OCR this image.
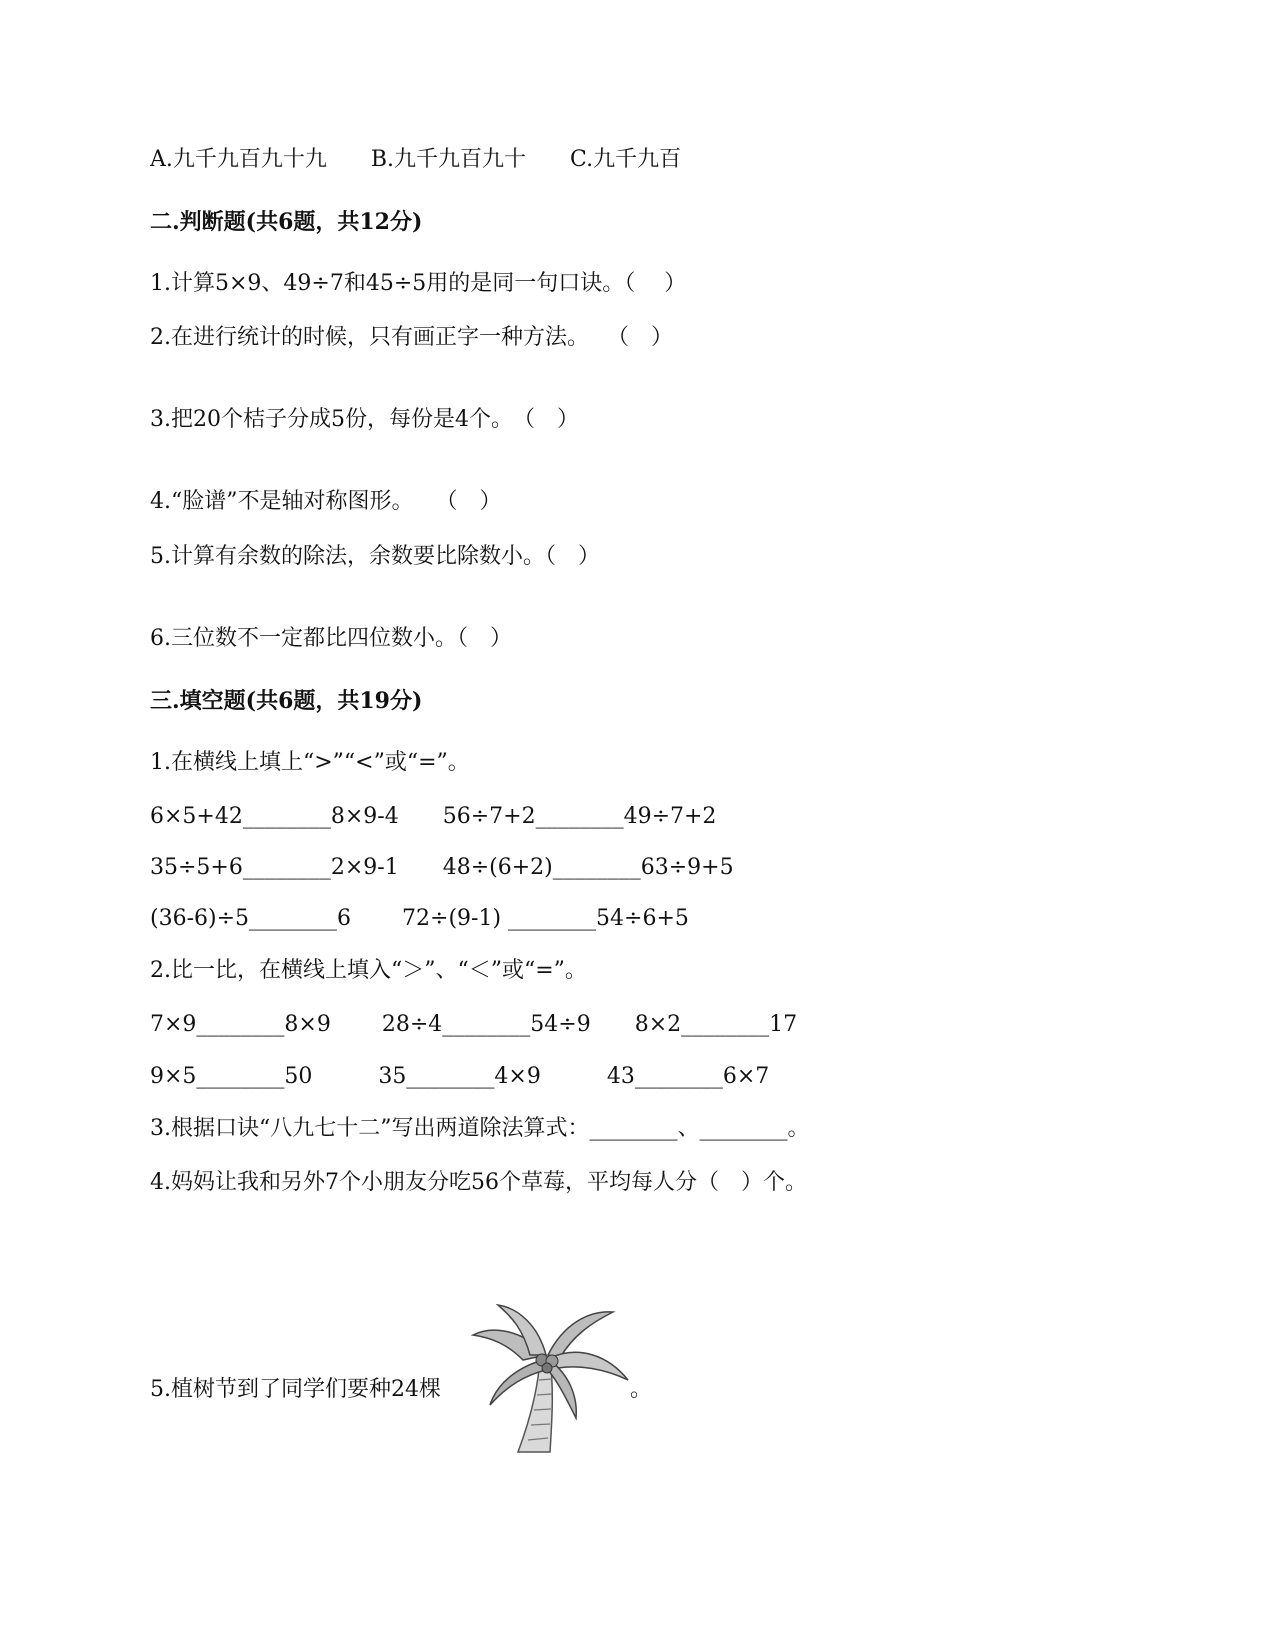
A.九千九百九十九　　B.九千九百九十　　C.九千九百
二.判断题(共6题，共12分)
1.计算5×9、49÷7和45÷5用的是同一句口诀。（　 ）
2.在进行统计的时候，只有画正字一种方法。　 （　）
3.把20个桔子分成5份，每份是4个。　（　）
4.“脸谱”不是轴对称图形。　　（　）
5.计算有余数的除法，余数要比除数小。（　）
6.三位数不一定都比四位数小。（　）
三.填空题(共6题，共19分)
1.在横线上填上“>”“<”或“=”。
6×5+42________8×9-4　　56÷7+2________49÷7+2
35÷5+6________2×9-1　　48÷(6+2)________63÷9+5
(36-6)÷5________6　　 72÷(9-1) ________54÷6+5
2.比一比，在横线上填入“＞”、“＜”或“=”。
7×9________8×9　　 28÷4________54÷9　　8×2________17
9×5________50　　　35________4×9　　　43________6×7
3.根据口诀“八九七十二”写出两道除法算式：________、________。
4.妈妈让我和另外7个小朋友分吃56个草莓，平均每人分（　）个。
5.植树节到了同学们要种24棵	。
